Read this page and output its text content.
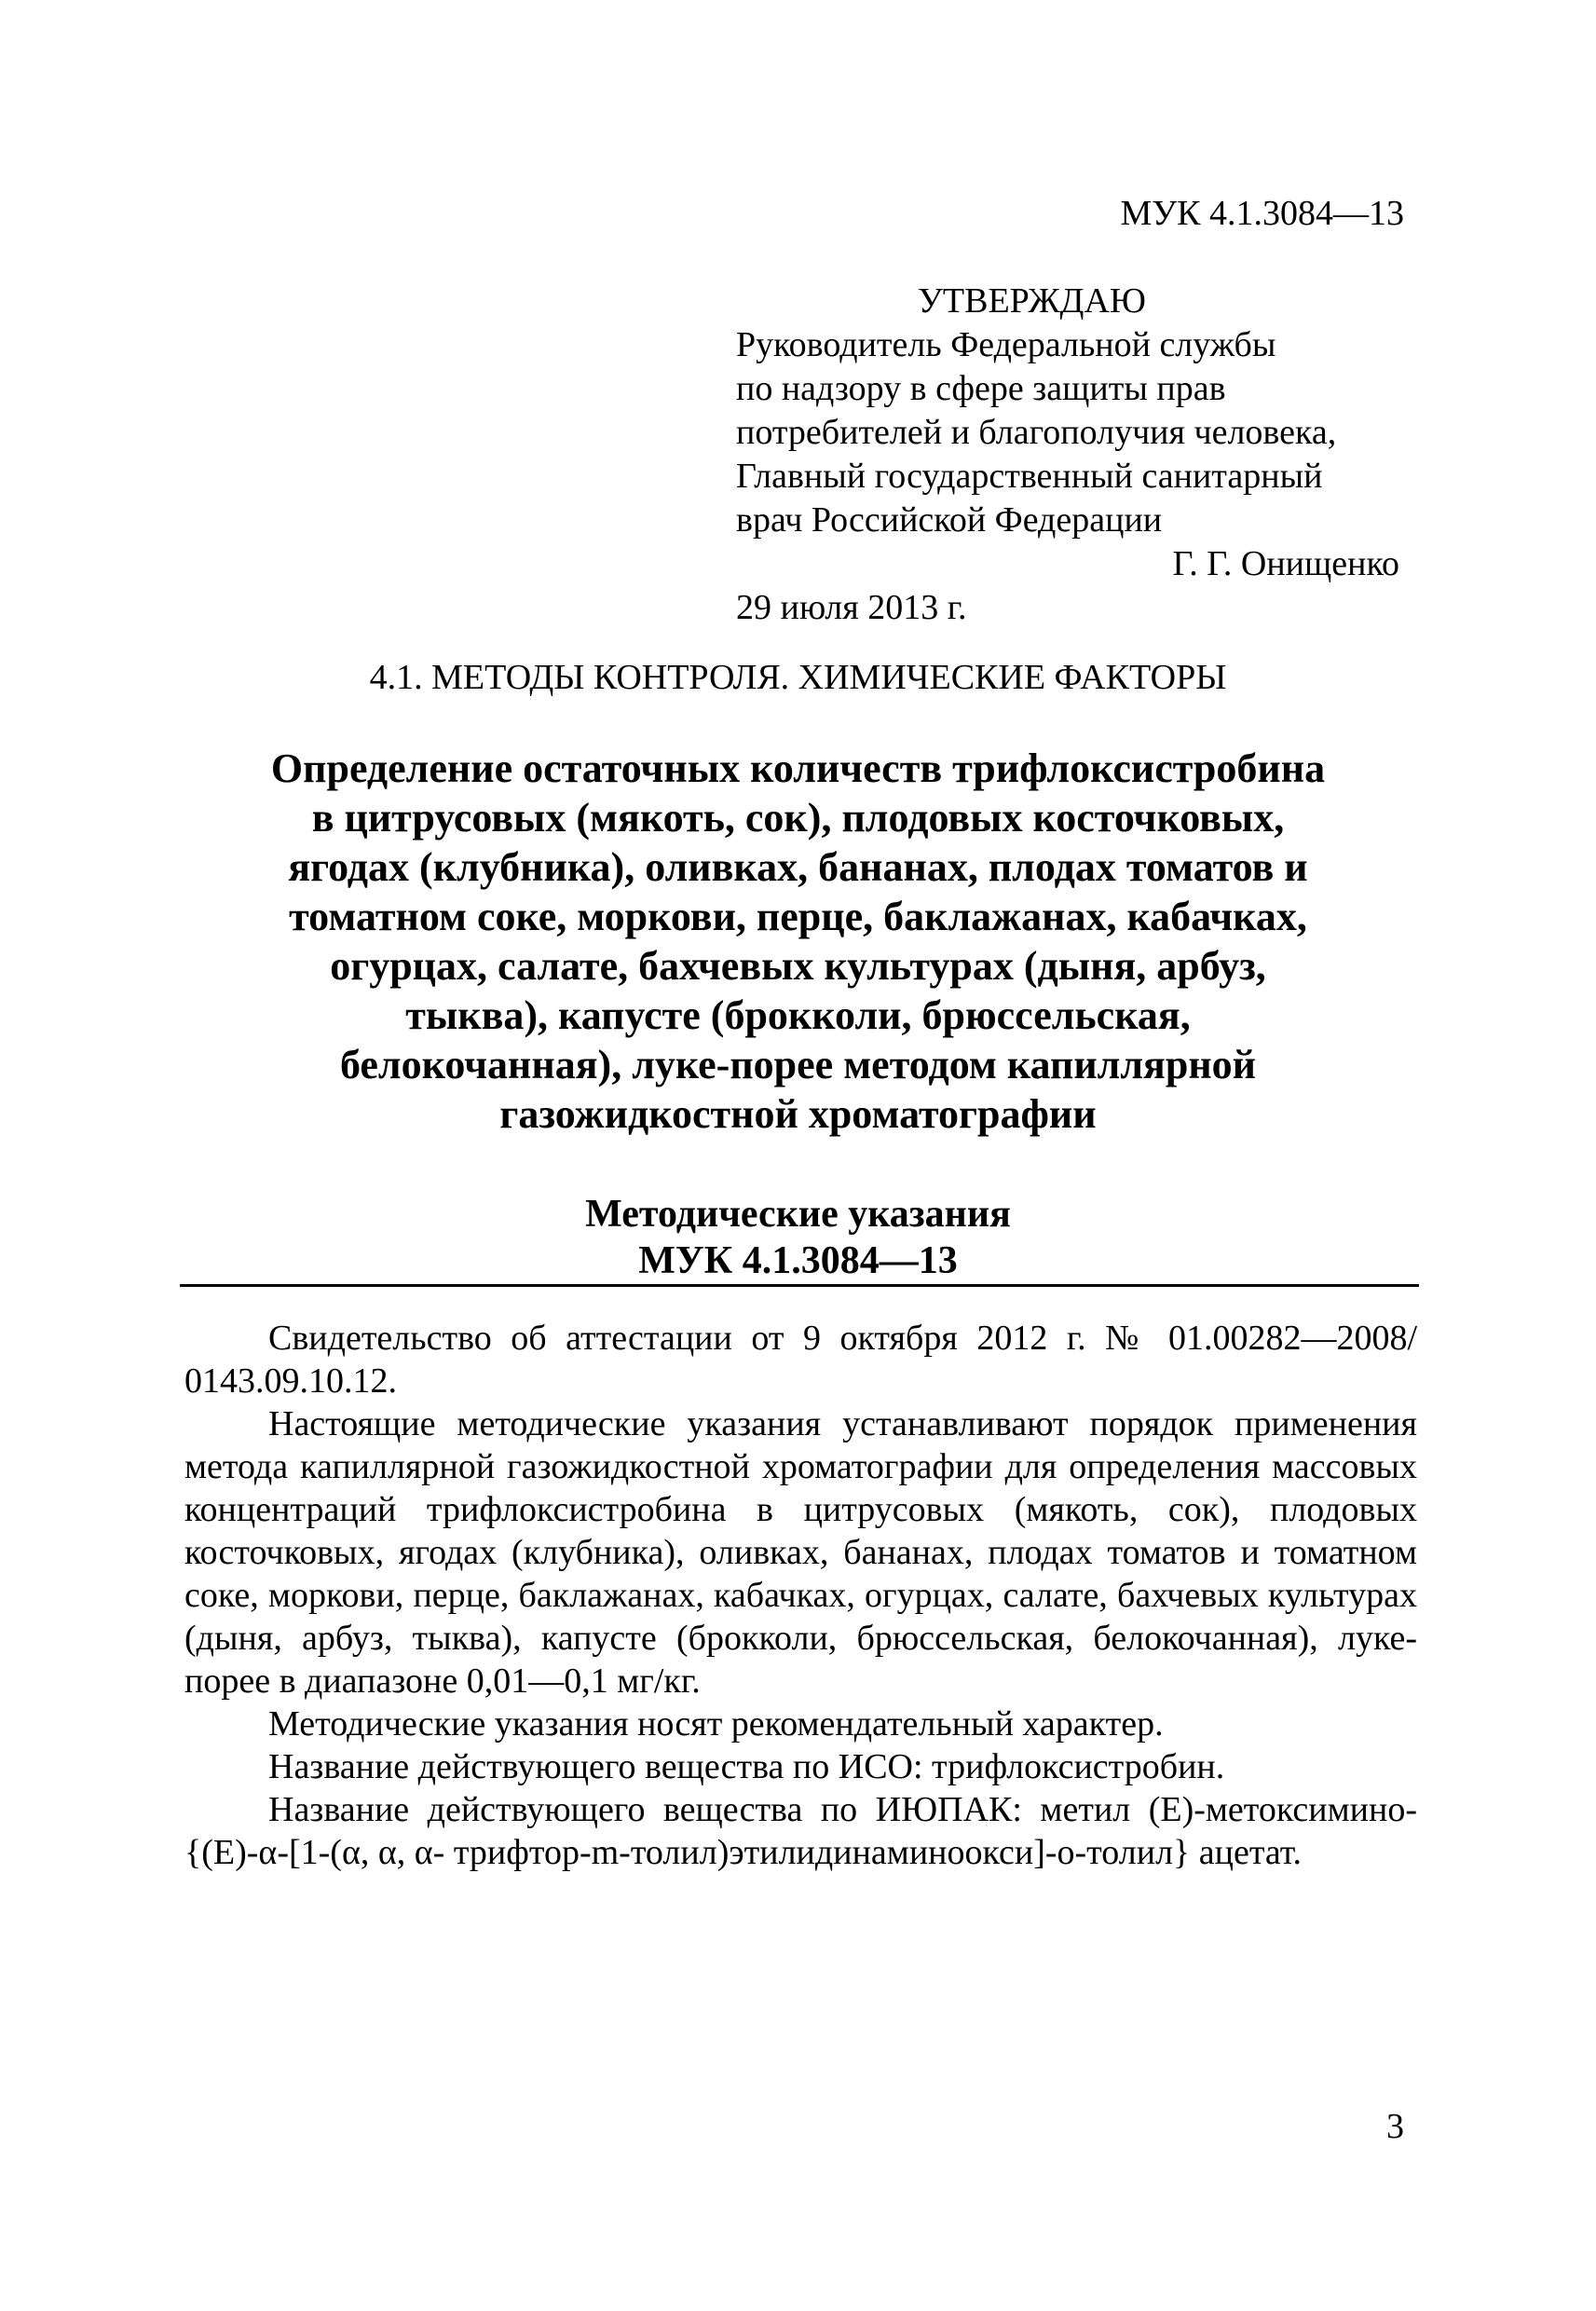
МУК 4.1.3084—13
УТВЕРЖДАЮ
Руководитель Федеральной службы
по надзору в сфере защиты прав
потребителей и благополучия человека,
Главный государственный санитарный
врач Российской Федерации
Г. Г. Онищенко
29 июля 2013 г.
4.1. МЕТОДЫ КОНТРОЛЯ. ХИМИЧЕСКИЕ ФАКТОРЫ
Определение остаточных количеств трифлоксистробина
в цитрусовых (мякоть, сок), плодовых косточковых,
ягодах (клубника), оливках, бананах, плодах томатов и
томатном соке, моркови, перце, баклажанах, кабачках,
огурцах, салате, бахчевых культурах (дыня, арбуз,
тыква), капусте (брокколи, брюссельская,
белокочанная), луке-порее методом капиллярной
газожидкостной хроматографии
Методические указания
МУК 4.1.3084—13

Свидетельство об аттестации от 9 октября 2012 г. № 01.00282—2008/ 0143.09.10.12.

Настоящие методические указания устанавливают порядок применения метода капиллярной газожидкостной хроматографии для определения массовых концентраций трифлоксистробина в цитрусовых (мякоть, сок), плодовых косточковых, ягодах (клубника), оливках, бананах, плодах томатов и томатном соке, моркови, перце, баклажанах, кабачках, огурцах, салате, бахчевых культурах (дыня, арбуз, тыква), капусте (брокколи, брюссельская, белокочанная), луке-порее в диапазоне 0,01—0,1 мг/кг.

Методические указания носят рекомендательный характер.

Название действующего вещества по ИСО: трифлоксистробин.

Название действующего вещества по ИЮПАК: метил (E)-метоксимино-{(E)-α-[1-(α, α, α- трифтор-m-толил)этилидинаминоокси]-о-толил} ацетат.

3
